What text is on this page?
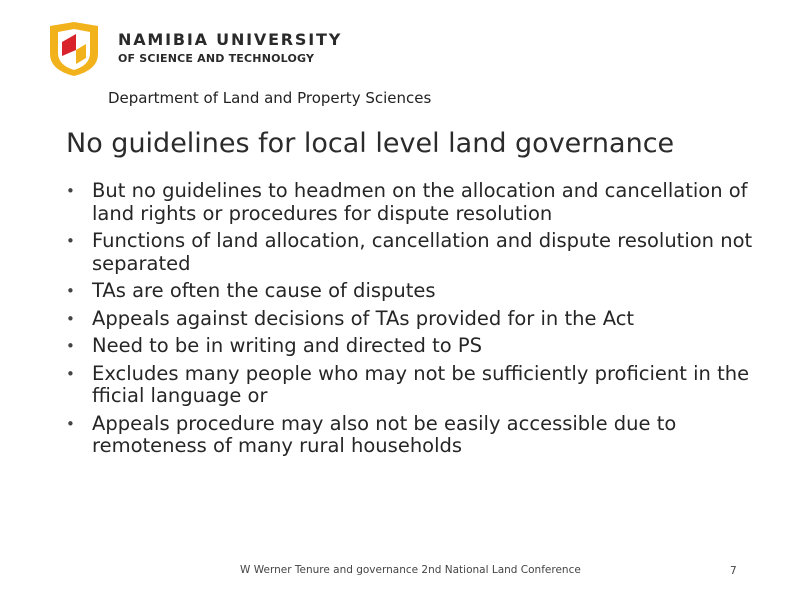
NAMIBIA UNIVERSITY
OF SCIENCE AND TECHNOLOGY
Department of Land and Property Sciences
No guidelines for local level land governance
• But no guidelines to headmen on the allocation and cancellation of land rights or procedures for dispute resolution
• Functions of land allocation, cancellation and dispute resolution not separated
• TAs are often the cause of disputes
• Appeals against decisions of TAs provided for in the Act
• Need to be in writing and directed to PS
• Excludes many people who may not be sufficiently proficient in the fficial language or
• Appeals procedure may also not be easily accessible due to remoteness of many rural households
W Werner Tenure and governance 2nd National Land Conference	7
